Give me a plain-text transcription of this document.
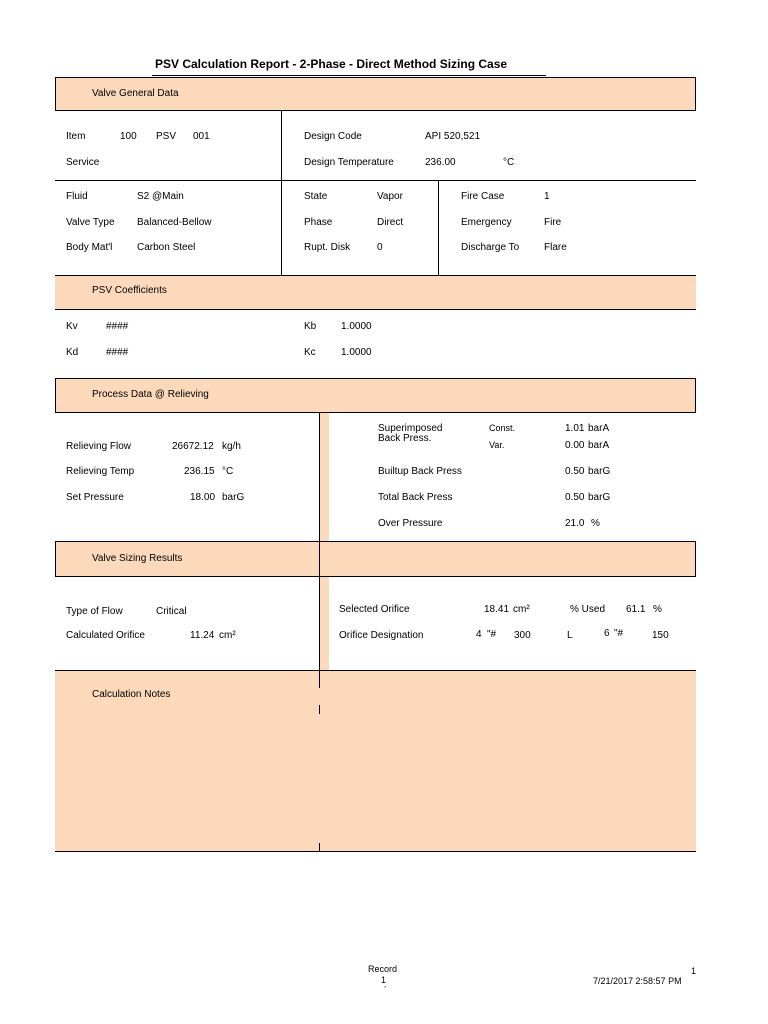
PSV Calculation Report - 2-Phase - Direct Method Sizing Case
Valve General Data
Item	100 PSV 001
Service
Design Code	API 520,521
Design Temperature	236.00	°C
Fluid	S2 @Main
Valve Type Balanced-Bellow
Body Mat'l Carbon Steel
State	Vapor
Phase	Direct
Rupt. Disk	0
Fire Case	1
Emergency	Fire
Discharge To Flare
PSV Coefficients
Kv	####
Kd	####
Kb 1.0000
Kc	1.0000
Process Data @ Relieving
Relieving Flow	26672.12 kg/h
Relieving Temp	236.15 °C
Set Pressure	18.00 barG
Superimposed
Back Press.
Const.	1.01 barA
Var.	0.00 barA
Builtup Back Press	0.50 barG
Total Back Press	0.50 barG
Over Pressure	21.0 %
Valve Sizing Results
Type of Flow	Critical
Calculated Orifice	11.24 cm²
Selected Orifice	18.41 cm²	% Used 61.1 %
Orifice Designation	4 "# 300	L	6 "#	150
Calculation Notes
Record
1
´
1
7/21/2017 2:58:57 PM
